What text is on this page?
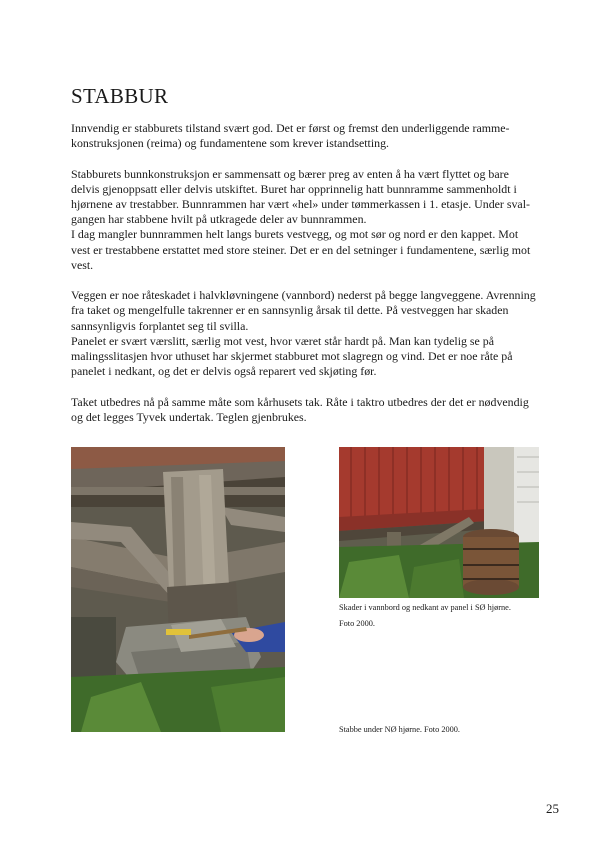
STABBUR

Innvendig er stabburets tilstand svært god. Det er først og fremst den underliggende ramme-
konstruksjonen (reima) og fundamentene som krever istandsetting.

Stabburets bunnkonstruksjon er sammensatt og bærer preg av enten å ha vært flyttet og bare
delvis gjenoppsatt eller delvis utskiftet. Buret har opprinnelig hatt bunnramme sammenholdt i
hjørnene av trestabber. Bunnrammen har vært «hel» under tømmerkassen i 1. etasje. Under sval-
gangen har stabbene hvilt på utkragede deler av bunnrammen.
I dag mangler bunnrammen helt langs burets vestvegg, og mot sør og nord er den kappet. Mot
vest er trestabbene erstattet med store steiner. Det er en del setninger i fundamentene, særlig mot
vest.

Veggen er noe råteskadet i halvkløvningene (vannbord) nederst på begge langveggene. Avrenning
fra taket og mengelfulle takrenner er en sannsynlig årsak til dette. På vestveggen har skaden
sannsynligvis forplantet seg til svilla.
Panelet er svært værslitt, særlig mot vest, hvor været står hardt på. Man kan tydelig se på
malingsslitasjen hvor uthuset har skjermet stabburet mot slagregn og vind. Det er noe råte på
panelet i nedkant, og det er delvis også reparert ved skjøting før.

Taket utbedres nå på samme måte som kårhusets tak. Råte i taktro utbedres der det er nødvendig
og det legges Tyvek undertak. Teglen gjenbrukes.

Skader i vannbord og nedkant av panel i SØ hjørne.
Foto 2000.
Stabbe under NØ hjørne. Foto 2000.
25
